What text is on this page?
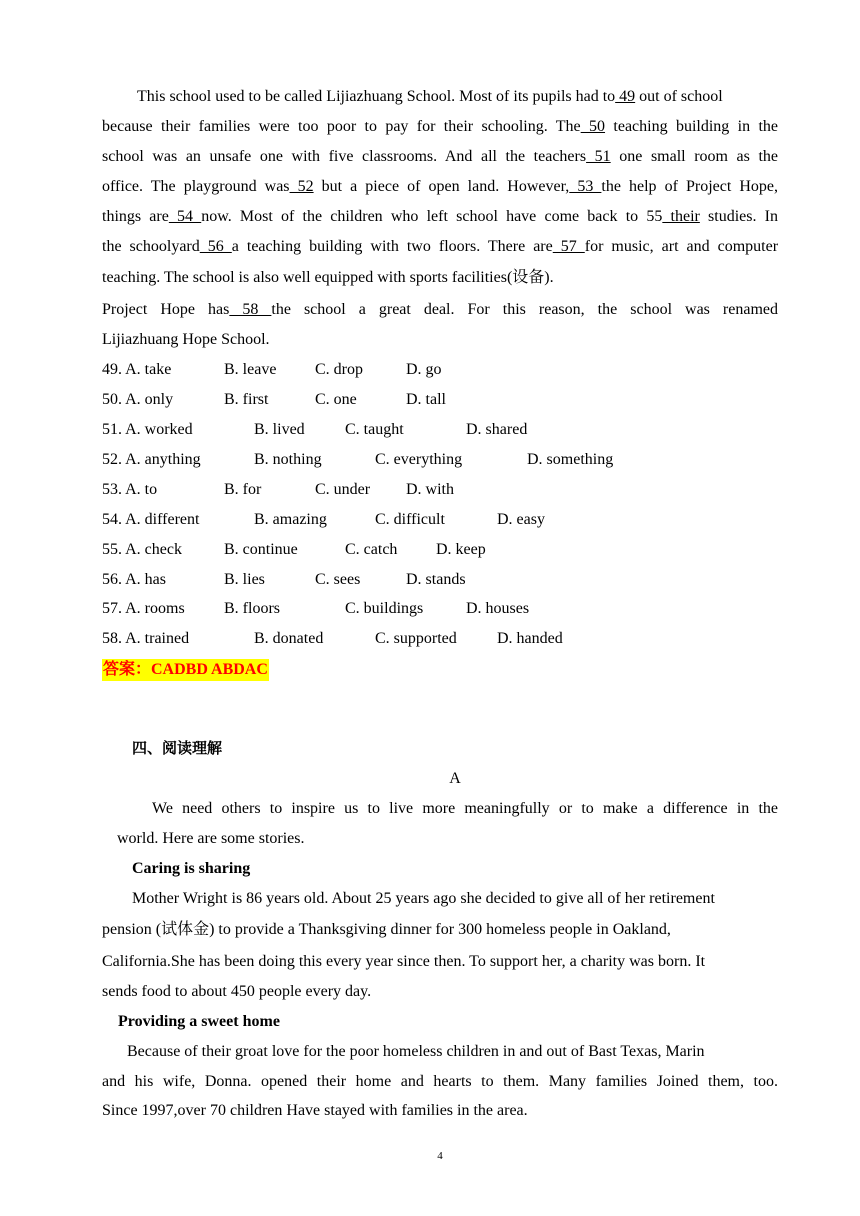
This school used to be called Lijiazhuang School. Most of its pupils had to 49 out of school
because their families were too poor to pay for their schooling. The 50 teaching building in the
school was an unsafe one with five classrooms. And all the teachers 51 one small room as the
office. The playground was 52 but a piece of open land. However, 53 the help of Project Hope,
things are 54 now. Most of the children who left school have come back to 55 their studies. In
the schoolyard 56 a teaching building with two floors. There are 57 for music, art and computer
teaching. The school is also well equipped with sports facilities(设备).
Project Hope has 58 the school a great deal. For this reason, the school was renamed
Lijiazhuang Hope School.
49. A. take	B. leave C. drop	D. go
50. A. only	B. first	C. one	D. tall
51. A. worked	B. lived	C. taught	D. shared
52. A. anything	B. nothing	C. everything	D. something
53. A. to	B. for	C. under D. with
54. A. different	B. amazing	C. difficult	D. easy
55. A. check	B. continue	C. catch D. keep
56. A. has	B. lies	C. sees	D. stands
57. A. rooms B. floors	C. buildings	D. houses
58. A. trained	B. donated	C. supported	D. handed
答案：CADBD ABDAC
四、阅读理解
A
We need others to inspire us to live more meaningfully or to make a difference in the
world. Here are some stories.
Caring is sharing
Mother Wright is 86 years old. About 25 years ago she decided to give all of her retirement
pension (试体金) to provide a Thanksgiving dinner for 300 homeless people in Oakland,
California.She has been doing this every year since then. To support her, a charity was born. It
sends food to about 450 people every day.
Providing a sweet home
Because of their groat love for the poor homeless children in and out of Bast Texas, Marin
and his wife, Donna. opened their home and hearts to them. Many families Joined them, too.
Since 1997,over 70 children Have stayed with families in the area.
4
